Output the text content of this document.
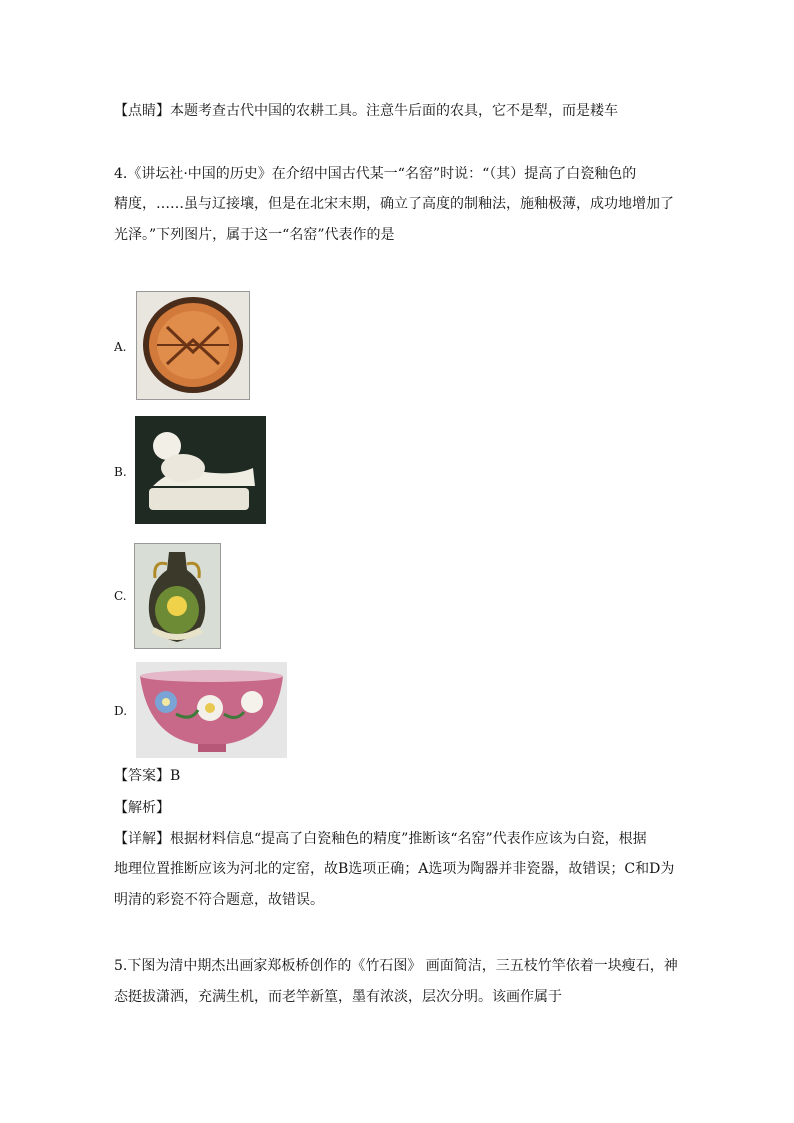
【点睛】本题考查古代中国的农耕工具。注意牛后面的农具，它不是犁，而是耧车
4.《讲坛社·中国的历史》在介绍中国古代某一“名窑”时说：“（其）提高了白瓷釉色的
精度，……虽与辽接壤，但是在北宋末期，确立了高度的制釉法，施釉极薄，成功地增加了
光泽。”下列图片，属于这一“名窑”代表作的是
A.
B.
C.
D.
【答案】B
【解析】
【详解】根据材料信息“提高了白瓷釉色的精度”推断该“名窑”代表作应该为白瓷，根据
地理位置推断应该为河北的定窑，故B选项正确；A选项为陶器并非瓷器，故错误；C和D为
明清的彩瓷不符合题意，故错误。
5.下图为清中期杰出画家郑板桥创作的《竹石图》 画面简洁，三五枝竹竿依着一块瘦石，神
态挺拔潇洒，充满生机，而老竿新篁，墨有浓淡，层次分明。该画作属于
